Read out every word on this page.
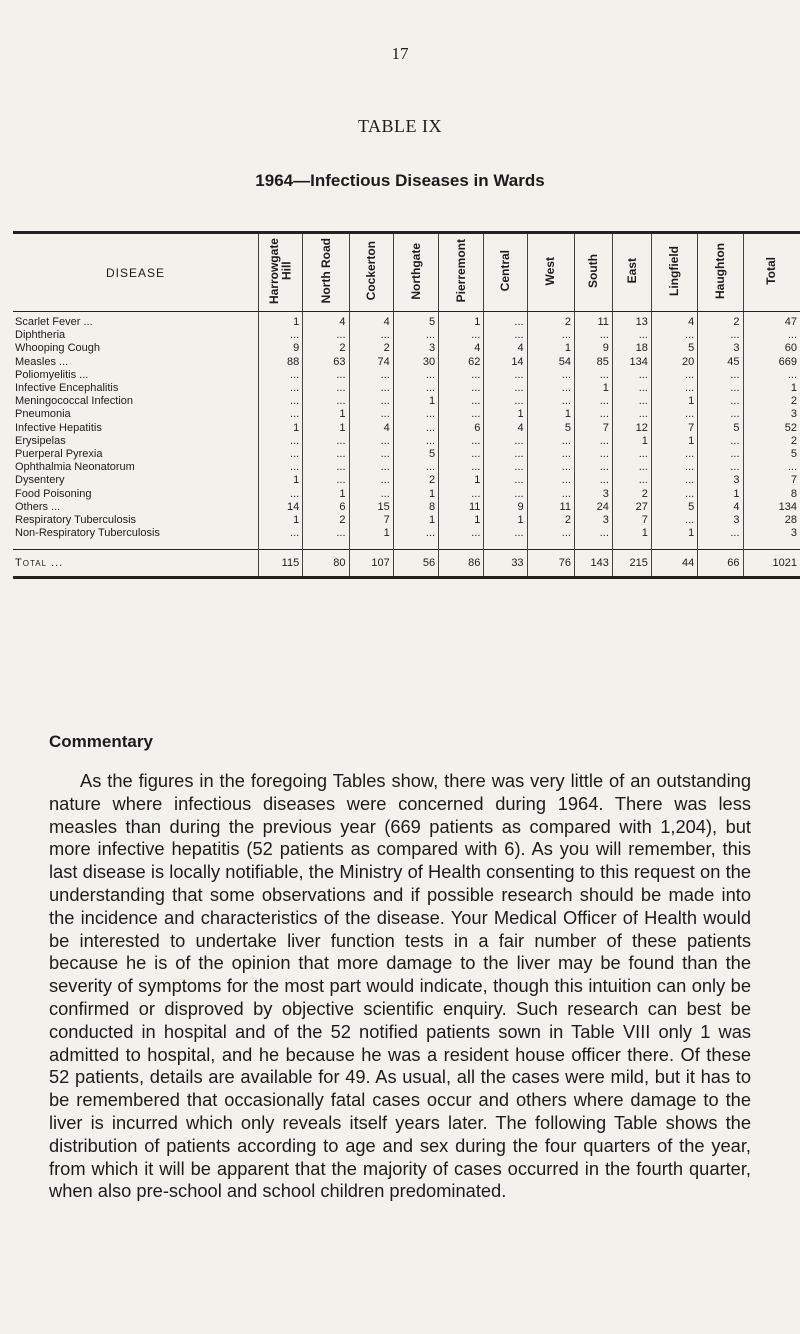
17
TABLE IX
1964—Infectious Diseases in Wards
DISEASE	Harrowgate
Hill	North Road	Cockerton	Northgate	Pierremont	Central	West	South	East	Lingfield	Haughton	Total
Scarlet Fever ...	1	4	4	5	1	...	2	11	13	4	2	47
Diphtheria	...	...	...	...	...	...	...	...	...	...	...	...
Whooping Cough	9	2	2	3	4	4	1	9	18	5	3	60
Measles ...	88	63	74	30	62	14	54	85	134	20	45	669
Poliomyelitis ...	...	...	...	...	...	...	...	...	...	...	...	...
Infective Encephalitis	...	...	...	...	...	...	...	1	...	...	...	1
Meningococcal Infection	...	...	...	1	...	...	...	...	...	1	...	2
Pneumonia	...	1	...	...	...	1	1	...	...	...	...	3
Infective Hepatitis	1	1	4	...	6	4	5	7	12	7	5	52
Erysipelas	...	...	...	...	...	...	...	...	1	1	...	2
Puerperal Pyrexia	...	...	...	5	...	...	...	...	...	...	...	5
Ophthalmia Neonatorum	...	...	...	...	...	...	...	...	...	...	...	...
Dysentery	1	...	...	2	1	...	...	...	...	...	3	7
Food Poisoning	...	1	...	1	...	...	...	3	2	...	1	8
Others ...	14	6	15	8	11	9	11	24	27	5	4	134
Respiratory Tuberculosis	1	2	7	1	1	1	2	3	7	...	3	28
Non-Respiratory Tuberculosis	...	...	1	...	...	...	...	...	1	1	...	3

Total ...	115	80	107	56	86	33	76	143	215	44	66	1021
Commentary

As the figures in the foregoing Tables show, there was very little of an outstanding nature where infectious diseases were concerned during 1964. There was less measles than during the previous year (669 patients as compared with 1,204), but more infective hepatitis (52 patients as compared with 6). As you will remember, this last disease is locally notifiable, the Ministry of Health consenting to this request on the understanding that some observations and if possible research should be made into the incidence and characteristics of the disease. Your Medical Officer of Health would be interested to undertake liver function tests in a fair number of these patients because he is of the opinion that more damage to the liver may be found than the severity of symptoms for the most part would indicate, though this intuition can only be confirmed or disproved by objective scientific enquiry. Such research can best be conducted in hospital and of the 52 notified patients sown in Table VIII only 1 was admitted to hospital, and he because he was a resident house officer there. Of these 52 patients, details are available for 49. As usual, all the cases were mild, but it has to be remembered that occasionally fatal cases occur and others where damage to the liver is incurred which only reveals itself years later. The following Table shows the distribution of patients according to age and sex during the four quarters of the year, from which it will be apparent that the majority of cases occurred in the fourth quarter, when also pre-school and school children predominated.
